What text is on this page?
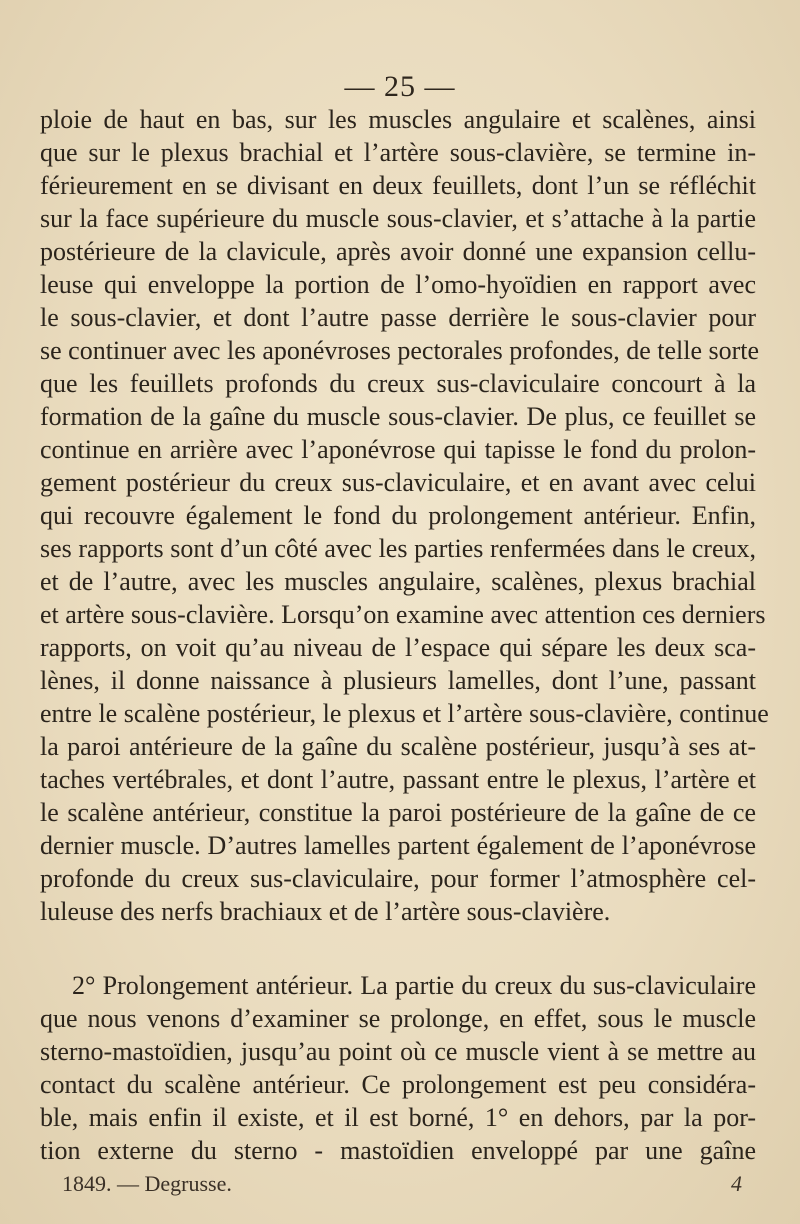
— 25 —
ploie de haut en bas, sur les muscles angulaire et scalènes, ainsi
que sur le plexus brachial et l’artère sous-clavière, se termine in-
férieurement en se divisant en deux feuillets, dont l’un se réfléchit
sur la face supérieure du muscle sous-clavier, et s’attache à la partie
postérieure de la clavicule, après avoir donné une expansion cellu-
leuse qui enveloppe la portion de l’omo-hyoïdien en rapport avec
le sous-clavier, et dont l’autre passe derrière le sous-clavier pour
se continuer avec les aponévroses pectorales profondes, de telle sorte
que les feuillets profonds du creux sus-claviculaire concourt à la
formation de la gaîne du muscle sous-clavier. De plus, ce feuillet se
continue en arrière avec l’aponévrose qui tapisse le fond du prolon-
gement postérieur du creux sus-claviculaire, et en avant avec celui
qui recouvre également le fond du prolongement antérieur. Enfin,
ses rapports sont d’un côté avec les parties renfermées dans le creux,
et de l’autre, avec les muscles angulaire, scalènes, plexus brachial
et artère sous-clavière. Lorsqu’on examine avec attention ces derniers
rapports, on voit qu’au niveau de l’espace qui sépare les deux sca-
lènes, il donne naissance à plusieurs lamelles, dont l’une, passant
entre le scalène postérieur, le plexus et l’artère sous-clavière, continue
la paroi antérieure de la gaîne du scalène postérieur, jusqu’à ses at-
taches vertébrales, et dont l’autre, passant entre le plexus, l’artère et
le scalène antérieur, constitue la paroi postérieure de la gaîne de ce
dernier muscle. D’autres lamelles partent également de l’aponévrose
profonde du creux sus-claviculaire, pour former l’atmosphère cel-
luleuse des nerfs brachiaux et de l’artère sous-clavière.
2° Prolongement antérieur. La partie du creux du sus-claviculaire
que nous venons d’examiner se prolonge, en effet, sous le muscle
sterno-mastoïdien, jusqu’au point où ce muscle vient à se mettre au
contact du scalène antérieur. Ce prolongement est peu considéra-
ble, mais enfin il existe, et il est borné, 1° en dehors, par la por-
tion externe du sterno - mastoïdien enveloppé par une gaîne
1849. — Degrusse.	4
